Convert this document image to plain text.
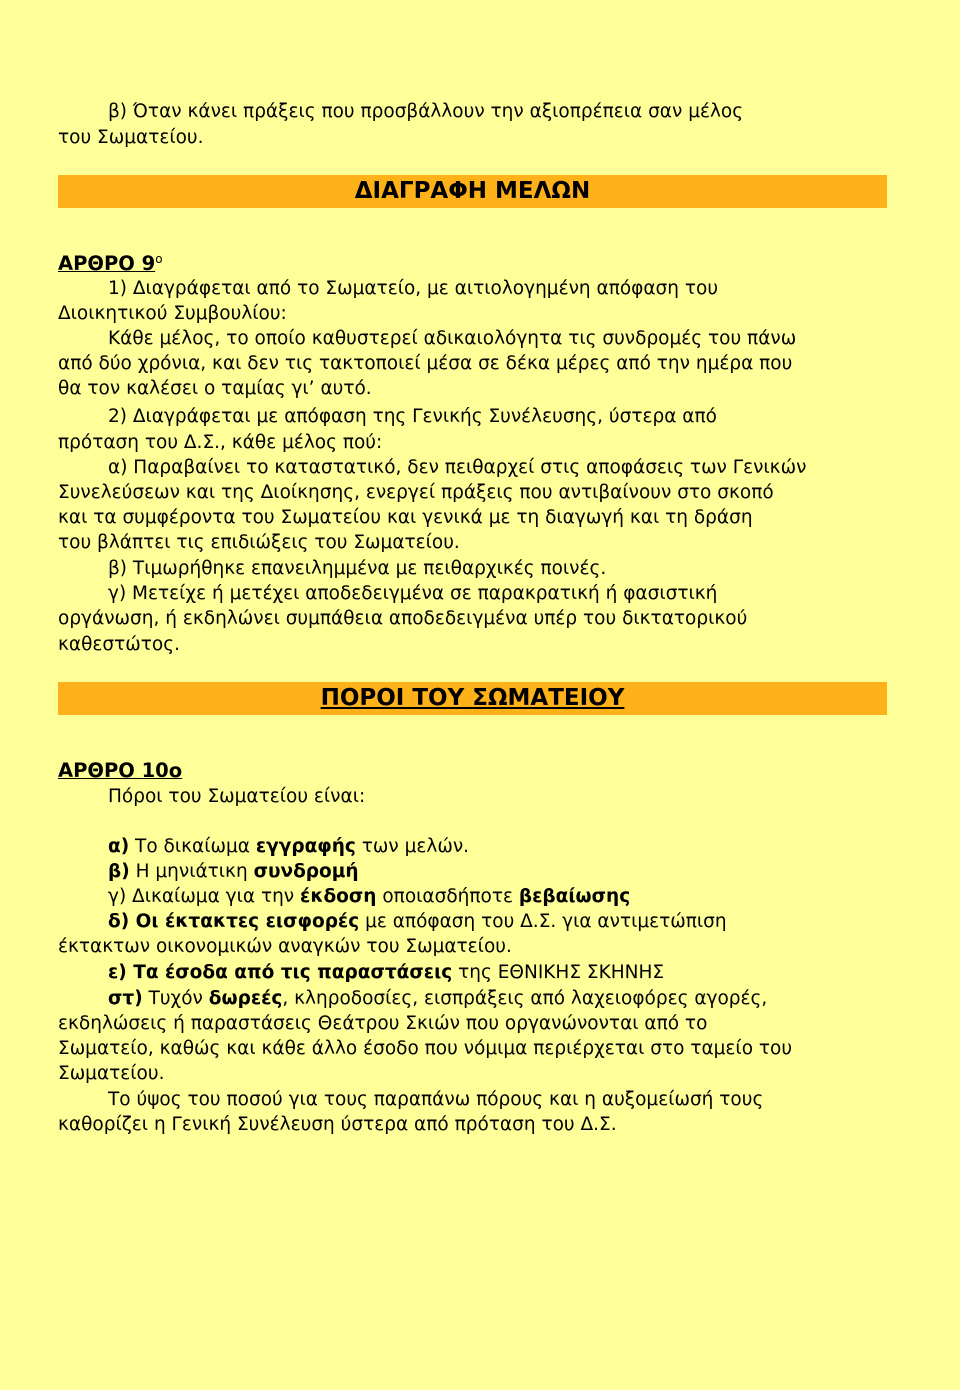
β) Όταν κάνει πράξεις που προσβάλλουν την αξιοπρέπεια σαν μέλος

του Σωματείου.

ΔΙΑΓΡΑΦΗ ΜΕΛΩΝ

ΑΡΘΡΟ $9^o$

1) Διαγράφεται από το Σωματείο, με αιτιολογημένη απόφαση του

Διοικητικού Συμβουλίου:

Κάθε μέλος, το οποίο καθυστερεί αδικαιολόγητα τις συνδρομές του πάνω

από δύο χρόνια, και δεν τις τακτοποιεί μέσα σε δέκα μέρες από την ημέρα που

θα τον καλέσει ο ταμίας γι’ αυτό.

2) Διαγράφεται με απόφαση της Γενικής Συνέλευσης, ύστερα από

πρόταση του Δ.Σ., κάθε μέλος πού:

α) Παραβαίνει το καταστατικό, δεν πειθαρχεί στις αποφάσεις των Γενικών

Συνελεύσεων και της Διοίκησης, ενεργεί πράξεις που αντιβαίνουν στο σκοπό

και τα συμφέροντα του Σωματείου και γενικά με τη διαγωγή και τη δράση

του βλάπτει τις επιδιώξεις του Σωματείου.

β) Τιμωρήθηκε επανειλημμένα με πειθαρχικές ποινές.

γ) Μετείχε ή μετέχει αποδεδειγμένα σε παρακρατική ή φασιστική

οργάνωση, ή εκδηλώνει συμπάθεια αποδεδειγμένα υπέρ του δικτατορικού

καθεστώτος.

ΠΟΡΟΙ ΤΟΥ ΣΩΜΑΤΕΙΟΥ

ΑΡΘΡΟ 10ο

Πόροι του Σωματείου είναι:

α) Το δικαίωμα εγγραφής των μελών.

β) Η μηνιάτικη συνδρομή

γ) Δικαίωμα για την έκδοση οποιασδήποτε βεβαίωσης

δ) Οι έκτακτες εισφορές με απόφαση του Δ.Σ. για αντιμετώπιση

έκτακτων οικονομικών αναγκών του Σωματείου.

ε) Τα έσοδα από τις παραστάσεις της ΕΘΝΙΚΗΣ ΣΚΗΝΗΣ

στ) Τυχόν δωρεές, κληροδοσίες, εισπράξεις από λαχειοφόρες αγορές,

εκδηλώσεις ή παραστάσεις Θεάτρου Σκιών που οργανώνονται από το

Σωματείο, καθώς και κάθε άλλο έσοδο που νόμιμα περιέρχεται στο ταμείο του

Σωματείου.

Το ύψος του ποσού για τους παραπάνω πόρους και η αυξομείωσή τους

καθορίζει η Γενική Συνέλευση ύστερα από πρόταση του Δ.Σ.
